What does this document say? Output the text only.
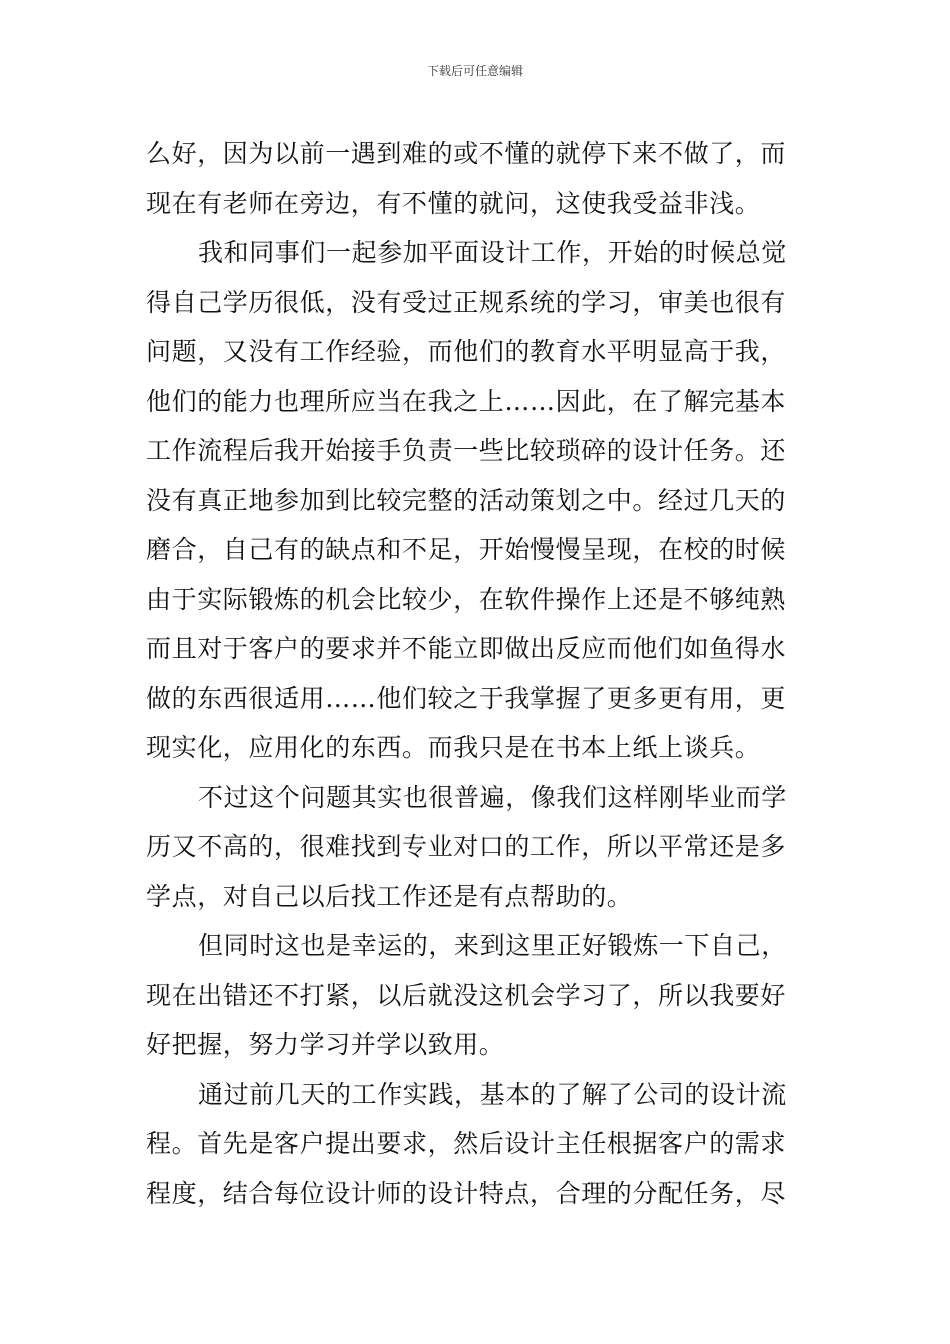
下载后可任意编辑
么好，因为以前一遇到难的或不懂的就停下来不做了，而
现在有老师在旁边，有不懂的就问，这使我受益非浅。
我和同事们一起参加平面设计工作，开始的时候总觉
得自己学历很低，没有受过正规系统的学习，审美也很有
问题，又没有工作经验，而他们的教育水平明显高于我，
他们的能力也理所应当在我之上……因此，在了解完基本
工作流程后我开始接手负责一些比较琐碎的设计任务。还
没有真正地参加到比较完整的活动策划之中。经过几天的
磨合，自己有的缺点和不足，开始慢慢呈现，在校的时候
由于实际锻炼的机会比较少，在软件操作上还是不够纯熟
而且对于客户的要求并不能立即做出反应而他们如鱼得水
做的东西很适用……他们较之于我掌握了更多更有用，更
现实化，应用化的东西。而我只是在书本上纸上谈兵。
不过这个问题其实也很普遍，像我们这样刚毕业而学
历又不高的，很难找到专业对口的工作，所以平常还是多
学点，对自己以后找工作还是有点帮助的。
但同时这也是幸运的，来到这里正好锻炼一下自己，
现在出错还不打紧，以后就没这机会学习了，所以我要好
好把握，努力学习并学以致用。
通过前几天的工作实践，基本的了解了公司的设计流
程。首先是客户提出要求，然后设计主任根据客户的需求
程度，结合每位设计师的设计特点，合理的分配任务，尽
